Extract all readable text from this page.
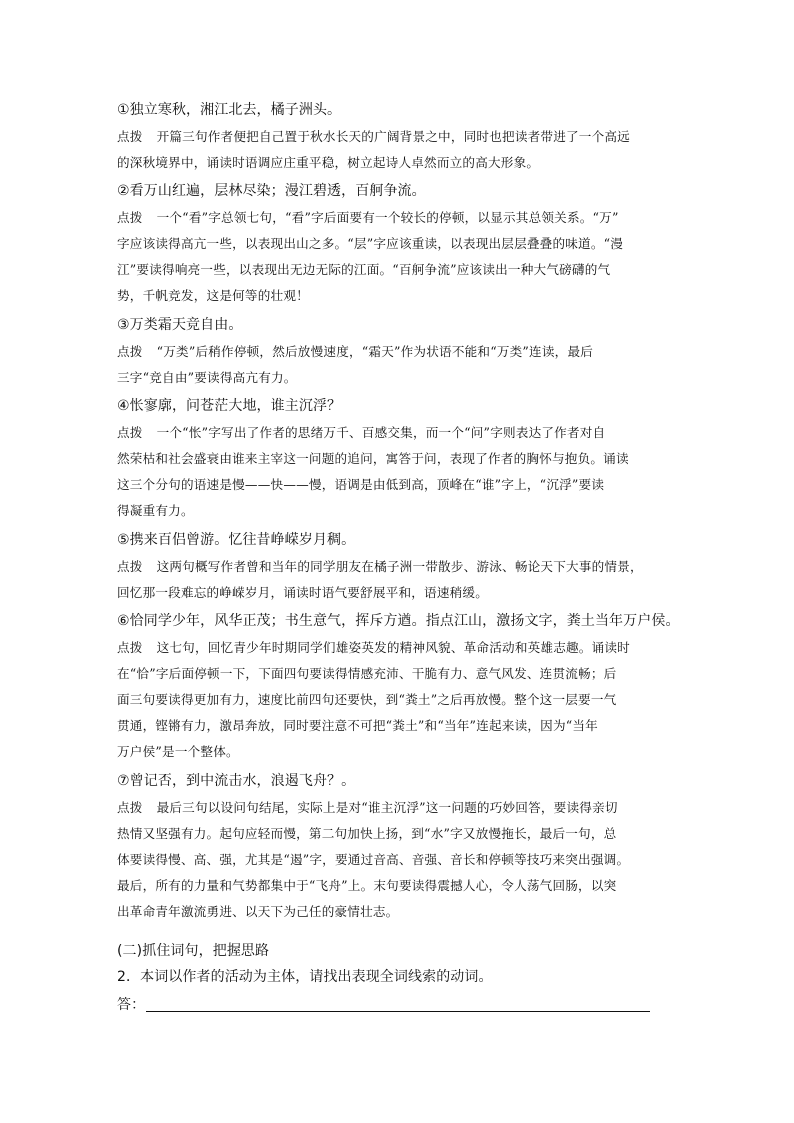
①独立寒秋，湘江北去，橘子洲头。
点拨 开篇三句作者便把自己置于秋水长天的广阔背景之中，同时也把读者带进了一个高远
的深秋境界中，诵读时语调应庄重平稳，树立起诗人卓然而立的高大形象。
②看万山红遍，层林尽染；漫江碧透，百舸争流。
点拨 一个“看”字总领七句，“看”字后面要有一个较长的停顿，以显示其总领关系。“万”
字应该读得高亢一些，以表现出山之多。“层”字应该重读，以表现出层层叠叠的味道。“漫
江”要读得响亮一些，以表现出无边无际的江面。“百舸争流”应该读出一种大气磅礴的气
势，千帆竞发，这是何等的壮观！
③万类霜天竞自由。
点拨 “万类”后稍作停顿，然后放慢速度，“霜天”作为状语不能和“万类”连读，最后
三字“竞自由”要读得高亢有力。
④怅寥廓，问苍茫大地，谁主沉浮？
点拨 一个“怅”字写出了作者的思绪万千、百感交集，而一个“问”字则表达了作者对自
然荣枯和社会盛衰由谁来主宰这一问题的追问，寓答于问，表现了作者的胸怀与抱负。诵读
这三个分句的语速是慢——快——慢，语调是由低到高，顶峰在“谁”字上，“沉浮”要读
得凝重有力。
⑤携来百侣曾游。忆往昔峥嵘岁月稠。
点拨 这两句概写作者曾和当年的同学朋友在橘子洲一带散步、游泳、畅论天下大事的情景，
回忆那一段难忘的峥嵘岁月，诵读时语气要舒展平和，语速稍缓。
⑥恰同学少年，风华正茂；书生意气，挥斥方遒。指点江山，激扬文字，粪土当年万户侯。
点拨 这七句，回忆青少年时期同学们雄姿英发的精神风貌、革命活动和英雄志趣。诵读时
在“恰”字后面停顿一下，下面四句要读得情感充沛、干脆有力、意气风发、连贯流畅；后
面三句要读得更加有力，速度比前四句还要快，到“粪土”之后再放慢。整个这一层要一气
贯通，铿锵有力，激昂奔放，同时要注意不可把“粪土”和“当年”连起来读，因为“当年
万户侯”是一个整体。
⑦曾记否，到中流击水，浪遏飞舟？。
点拨 最后三句以设问句结尾，实际上是对“谁主沉浮”这一问题的巧妙回答，要读得亲切
热情又坚强有力。起句应轻而慢，第二句加快上扬，到“水”字又放慢拖长，最后一句，总
体要读得慢、高、强，尤其是“遏”字，要通过音高、音强、音长和停顿等技巧来突出强调。
最后，所有的力量和气势都集中于“飞舟”上。末句要读得震撼人心，令人荡气回肠，以突
出革命青年激流勇进、以天下为己任的豪情壮志。
(二)抓住词句，把握思路
2．本词以作者的活动为主体，请找出表现全词线索的动词。
答：
